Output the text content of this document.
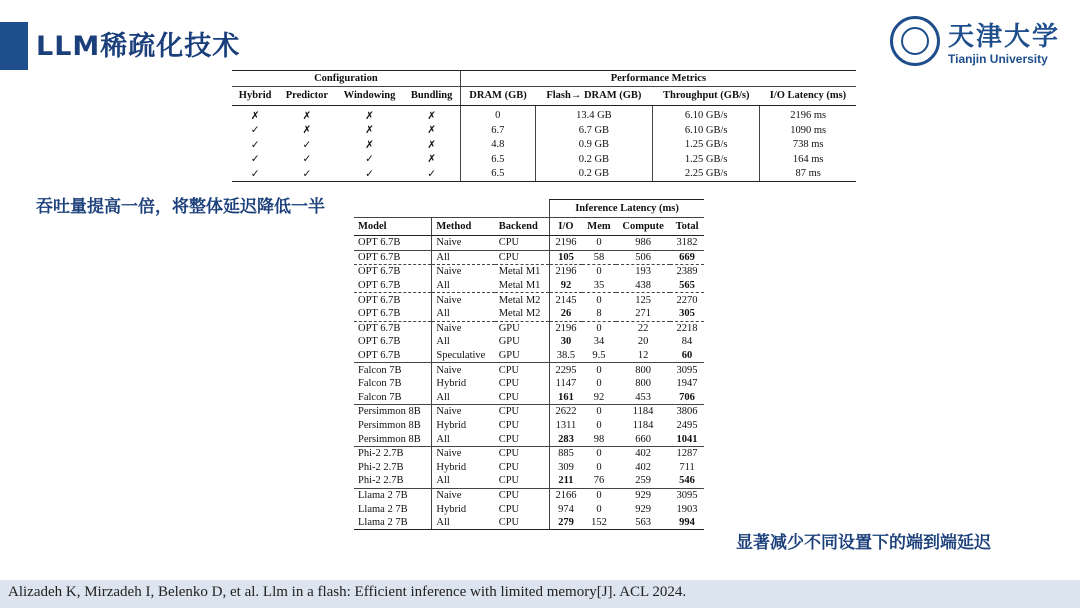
LLM稀疏化技术	天津大学
Tianjin University
Configuration				Performance Metrics			
Hybrid	Predictor	Windowing	Bundling	DRAM (GB)	Flash→ DRAM (GB)	Throughput (GB/s)	I/O Latency (ms)
✗	✗	✗	✗	0	13.4 GB	6.10 GB/s	2196 ms
✓	✗	✗	✗	6.7	6.7 GB	6.10 GB/s	1090 ms
✓	✓	✗	✗	4.8	0.9 GB	1.25 GB/s	738 ms
✓	✓	✓	✗	6.5	0.2 GB	1.25 GB/s	164 ms
✓	✓	✓	✓	6.5	0.2 GB	2.25 GB/s	87 ms
吞吐量提高一倍，将整体延迟降低一半
			Inference Latency (ms)			
Model	Method	Backend	I/O	Mem	Compute	Total
OPT 6.7B	Naive	CPU	2196	0	986	3182
OPT 6.7B	All	CPU	105	58	506	669
OPT 6.7B	Naive	Metal M1	2196	0	193	2389
OPT 6.7B	All	Metal M1	92	35	438	565
OPT 6.7B	Naive	Metal M2	2145	0	125	2270
OPT 6.7B	All	Metal M2	26	8	271	305
OPT 6.7B	Naive	GPU	2196	0	22	2218
OPT 6.7B	All	GPU	30	34	20	84
OPT 6.7B	Speculative	GPU	38.5	9.5	12	60
Falcon 7B	Naive	CPU	2295	0	800	3095
Falcon 7B	Hybrid	CPU	1147	0	800	1947
Falcon 7B	All	CPU	161	92	453	706
Persimmon 8B	Naive	CPU	2622	0	1184	3806
Persimmon 8B	Hybrid	CPU	1311	0	1184	2495
Persimmon 8B	All	CPU	283	98	660	1041
Phi-2 2.7B	Naive	CPU	885	0	402	1287
Phi-2 2.7B	Hybrid	CPU	309	0	402	711
Phi-2 2.7B	All	CPU	211	76	259	546
Llama 2 7B	Naive	CPU	2166	0	929	3095
Llama 2 7B	Hybrid	CPU	974	0	929	1903
Llama 2 7B	All	CPU	279	152	563	994
显著减少不同设置下的端到端延迟
Alizadeh K, Mirzadeh I, Belenko D, et al. Llm in a flash: Efficient inference with limited memory[J]. ACL 2024.
